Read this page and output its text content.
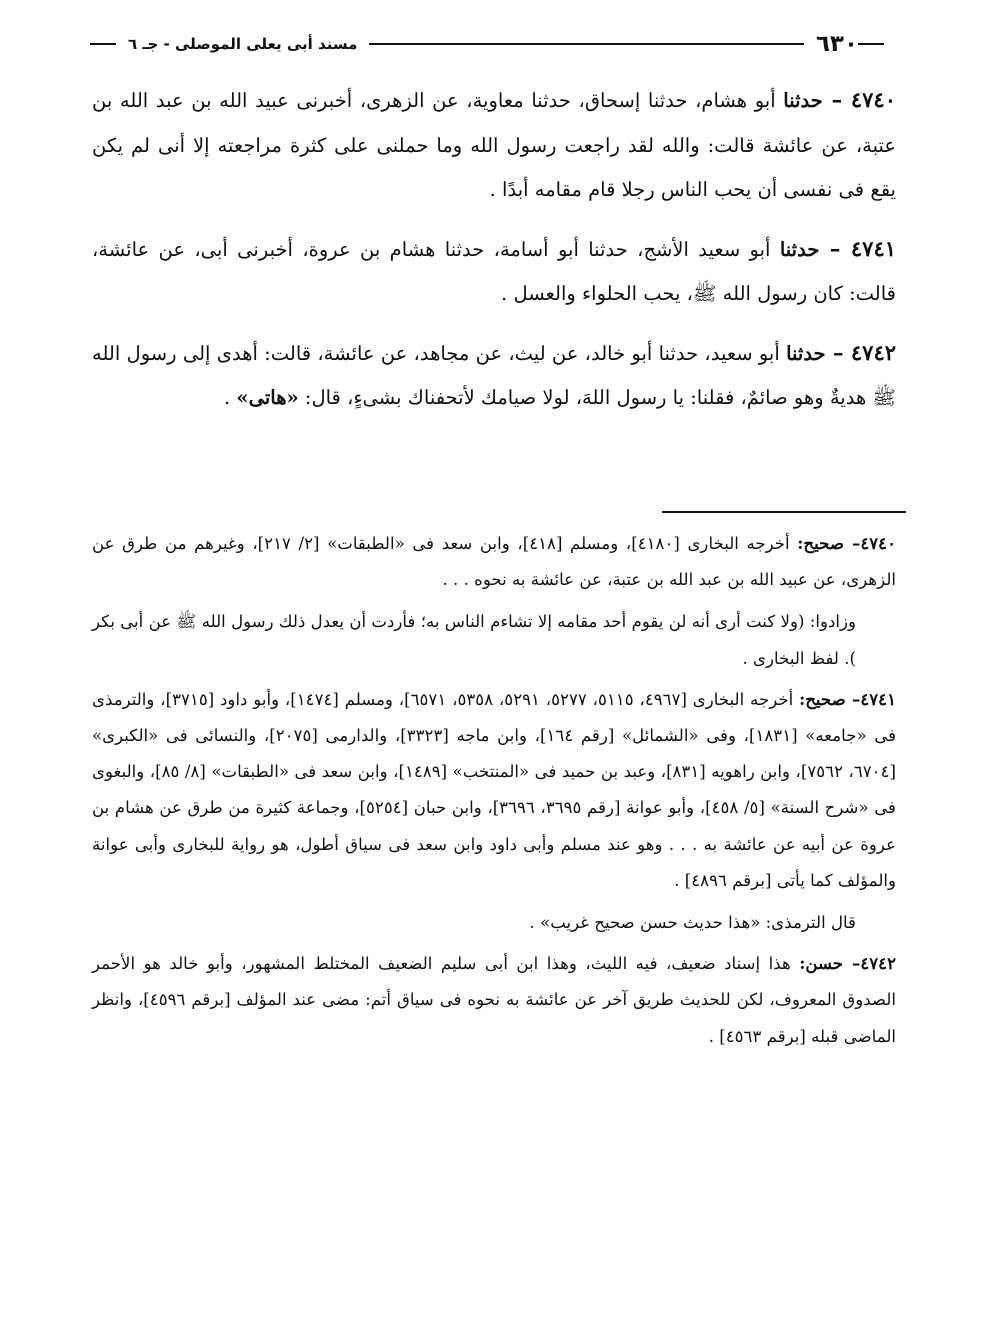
٦٣٠
مسند أبى يعلى الموصلى - جـ ٦

٤٧٤٠ – حدثنا أبو هشام، حدثنا إسحاق، حدثنا معاوية، عن الزهرى، أخبرنى عبيد الله بن عبد الله بن عتبة، عن عائشة قالت: والله لقد راجعت رسول الله وما حملنى على كثرة مراجعته إلا أنى لم يكن يقع فى نفسى أن يحب الناس رجلا قام مقامه أبدًا .

٤٧٤١ – حدثنا أبو سعيد الأشج، حدثنا أبو أسامة، حدثنا هشام بن عروة، أخبرنى أبى، عن عائشة، قالت: كان رسول الله ﷺ، يحب الحلواء والعسل .

٤٧٤٢ – حدثنا أبو سعيد، حدثنا أبو خالد، عن ليث، عن مجاهد، عن عائشة، قالت: أهدى إلى رسول الله ﷺ هديةٌ وهو صائمٌ، فقلنا: يا رسول اللهَ، لولا صيامك لأتحفناك بشىءٍ، قال: «هاتى» .

٤٧٤٠– صحيح: أخرجه البخارى [٤١٨٠]، ومسلم [٤١٨]، وابن سعد فى «الطبقات» [٢/ ٢١٧]، وغيرهم من طرق عن الزهرى، عن عبيد الله بن عبد الله بن عتبة، عن عائشة به نحوه . . .

وزادوا: (ولا كنت أرى أنه لن يقوم أحد مقامه إلا تشاءم الناس به؛ فأردت أن يعدل ذلك رسول الله ﷺ عن أبى بكر ). لفظ البخارى .

٤٧٤١– صحيح: أخرجه البخارى [٤٩٦٧، ٥١١٥، ٥٢٧٧، ٥٢٩١، ٥٣٥٨، ٦٥٧١]، ومسلم [١٤٧٤]، وأبو داود [٣٧١٥]، والترمذى فى «جامعه» [١٨٣١]، وفى «الشمائل» [رقم ١٦٤]، وابن ماجه [٣٣٢٣]، والدارمى [٢٠٧٥]، والنسائى فى «الكبرى» [٦٧٠٤، ٧٥٦٢]، وابن راهويه [٨٣١]، وعبد بن حميد فى «المنتخب» [١٤٨٩]، وابن سعد فى «الطبقات» [٨/ ٨٥]، والبغوى فى «شرح السنة» [٥/ ٤٥٨]، وأبو عوانة [رقم ٣٦٩٥، ٣٦٩٦]، وابن حبان [٥٢٥٤]، وجماعة كثيرة من طرق عن هشام بن عروة عن أبيه عن عائشة به . . . وهو عند مسلم وأبى داود وابن سعد فى سياق أطول، هو رواية للبخارى وأبى عوانة والمؤلف كما يأتى [برقم ٤٨٩٦] .

قال الترمذى: «هذا حديث حسن صحيح غريب» .

٤٧٤٢– حسن: هذا إسناد ضعيف، فيه الليث، وهذا ابن أبى سليم الضعيف المختلط المشهور، وأبو خالد هو الأحمر الصدوق المعروف، لكن للحديث طريق آخر عن عائشة به نحوه فى سياق أتم: مضى عند المؤلف [برقم ٤٥٩٦]، وانظر الماضى قبله [برقم ٤٥٦٣] .
